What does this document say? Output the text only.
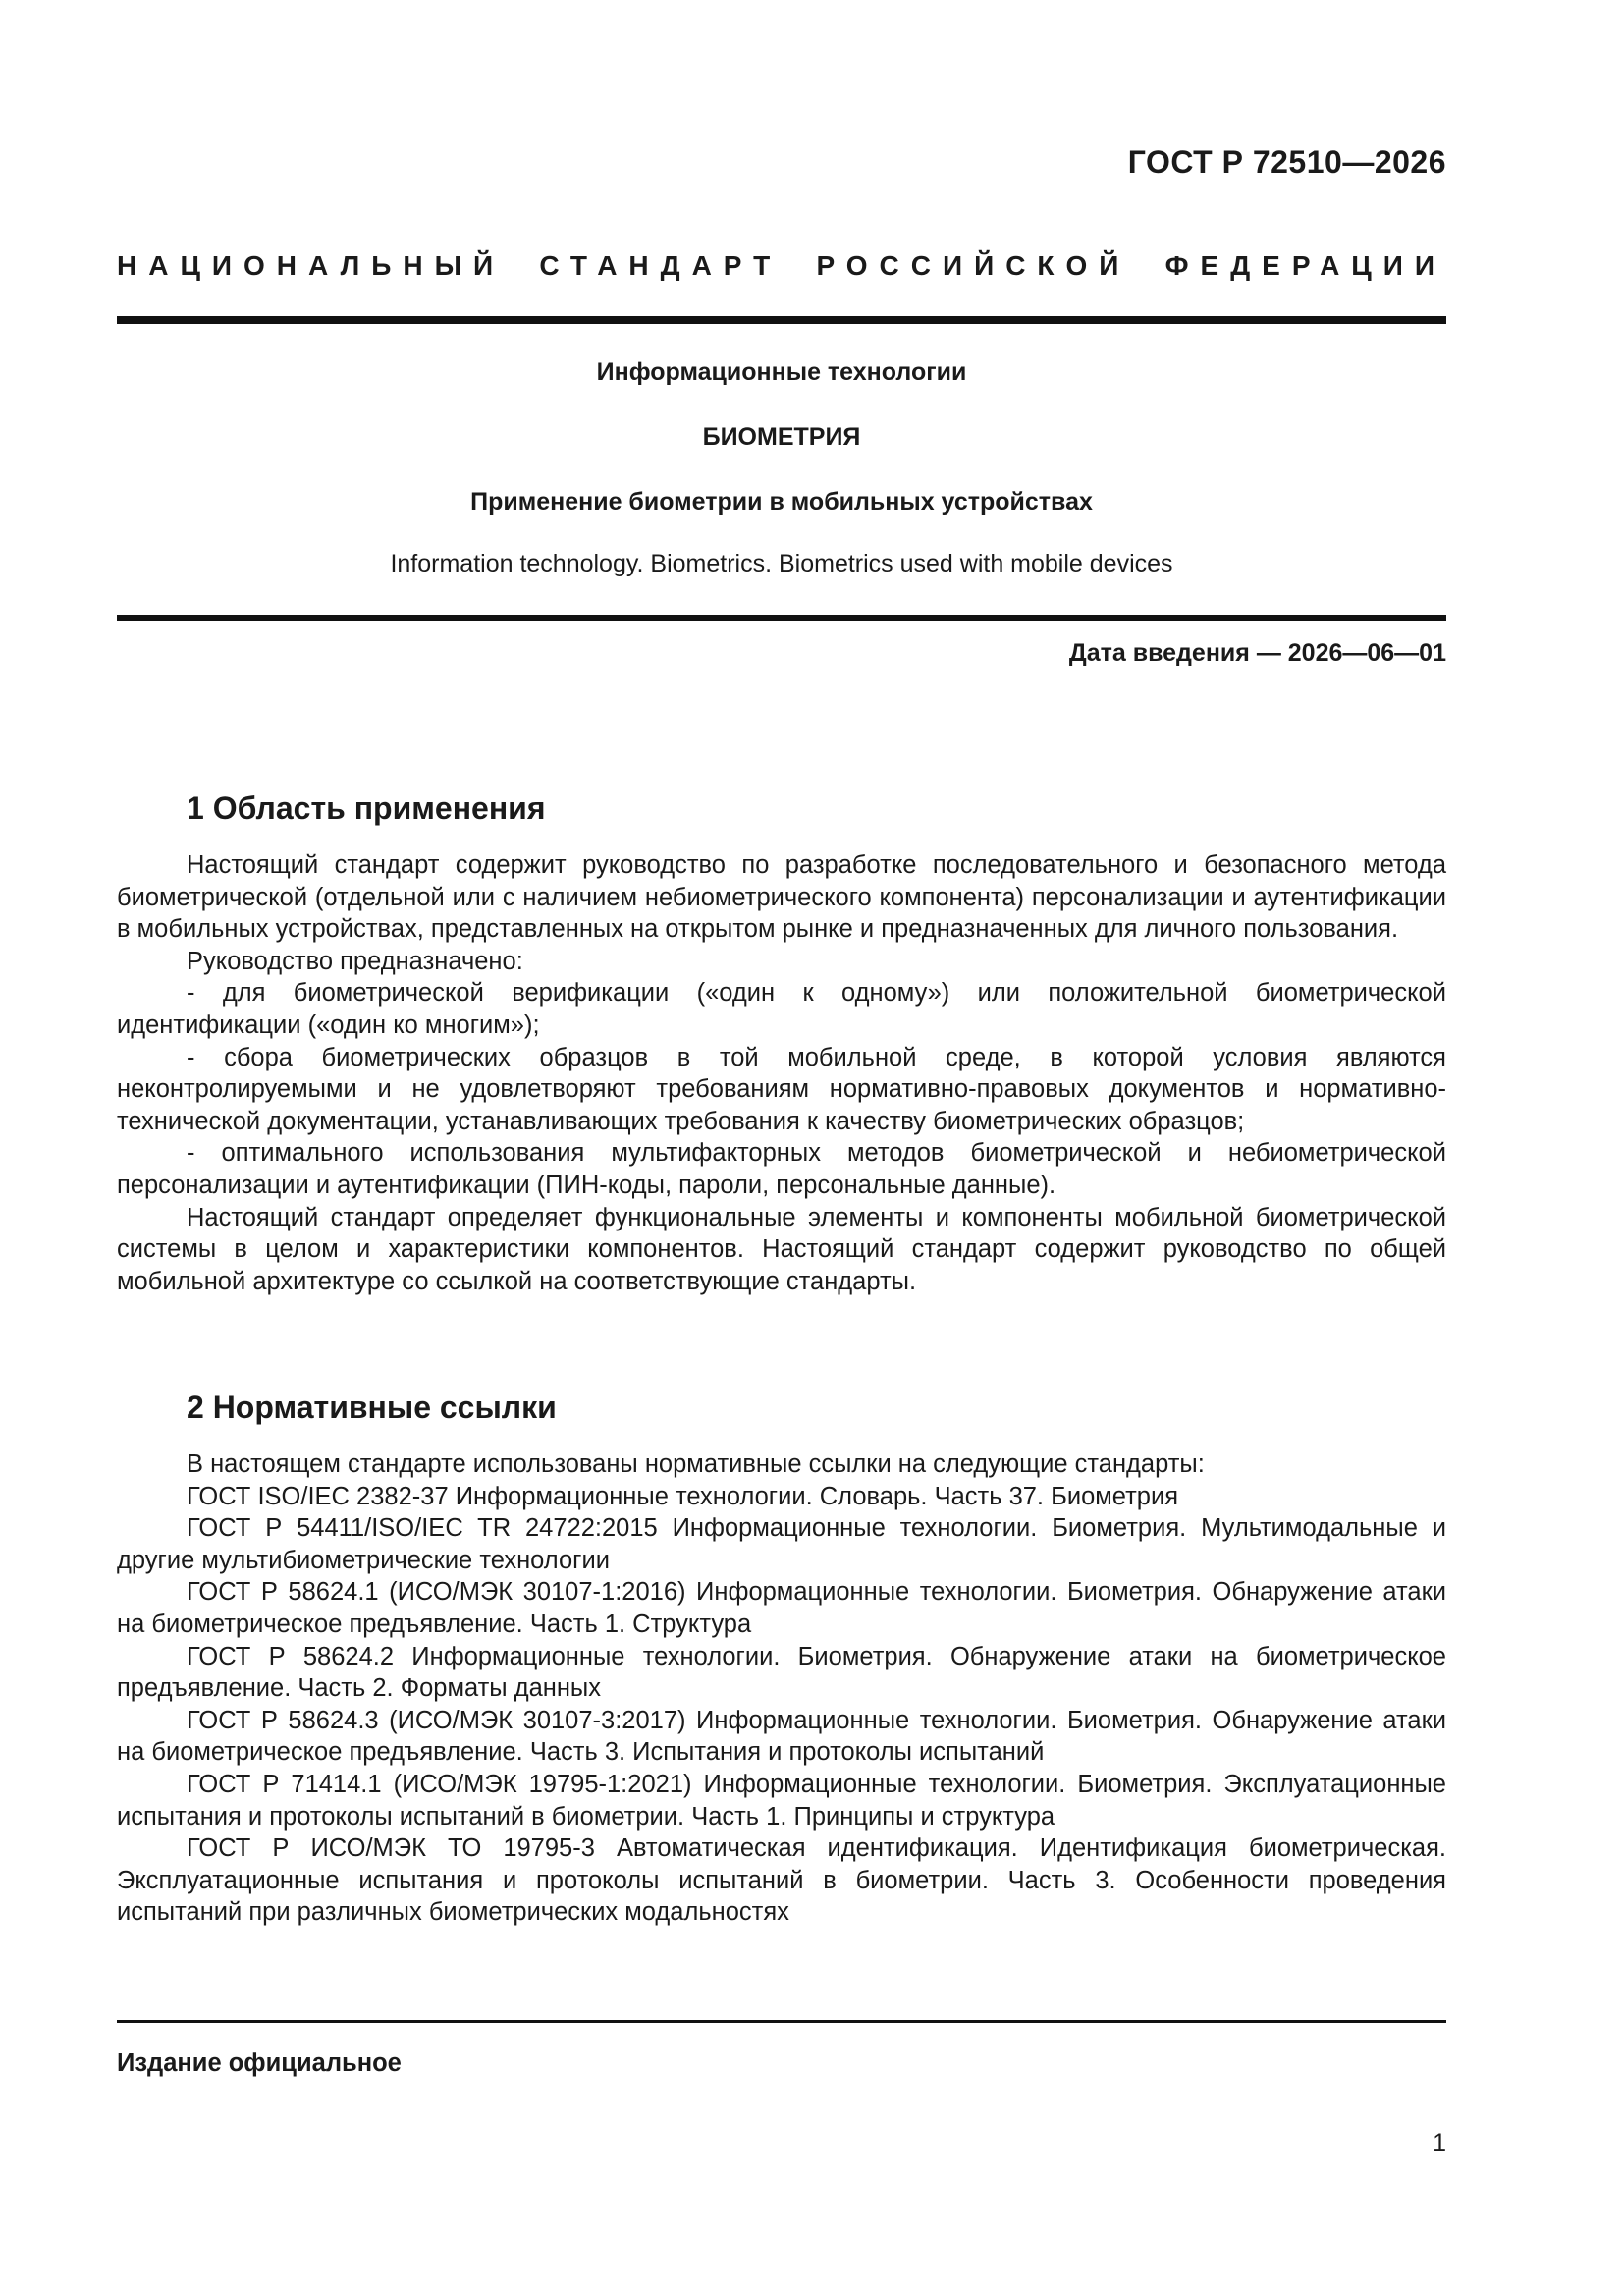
ГОСТ Р 72510—2026
НАЦИОНАЛЬНЫЙ СТАНДАРТ РОССИЙСКОЙ ФЕДЕРАЦИИ
Информационные технологии
БИОМЕТРИЯ
Применение биометрии в мобильных устройствах
Information technology. Biometrics. Biometrics used with mobile devices
Дата введения — 2026—06—01
1 Область применения

Настоящий стандарт содержит руководство по разработке последовательного и безопасного метода биометрической (отдельной или с наличием небиометрического компонента) персонализации и аутентификации в мобильных устройствах, представленных на открытом рынке и предназначенных для личного пользования.

Руководство предназначено:

- для биометрической верификации («один к одному») или положительной биометрической идентификации («один ко многим»);

- сбора биометрических образцов в той мобильной среде, в которой условия являются неконтролируемыми и не удовлетворяют требованиям нормативно-правовых документов и нормативно-технической документации, устанавливающих требования к качеству биометрических образцов;

- оптимального использования мультифакторных методов биометрической и небиометрической персонализации и аутентификации (ПИН-коды, пароли, персональные данные).

Настоящий стандарт определяет функциональные элементы и компоненты мобильной биометрической системы в целом и характеристики компонентов. Настоящий стандарт содержит руководство по общей мобильной архитектуре со ссылкой на соответствующие стандарты.

2 Нормативные ссылки

В настоящем стандарте использованы нормативные ссылки на следующие стандарты:

ГОСТ ISO/IEC 2382-37 Информационные технологии. Словарь. Часть 37. Биометрия

ГОСТ Р 54411/ISO/IEC TR 24722:2015 Информационные технологии. Биометрия. Мультимодальные и другие мультибиометрические технологии

ГОСТ Р 58624.1 (ИСО/МЭК 30107-1:2016) Информационные технологии. Биометрия. Обнаружение атаки на биометрическое предъявление. Часть 1. Структура

ГОСТ Р 58624.2 Информационные технологии. Биометрия. Обнаружение атаки на биометрическое предъявление. Часть 2. Форматы данных

ГОСТ Р 58624.3 (ИСО/МЭК 30107-3:2017) Информационные технологии. Биометрия. Обнаружение атаки на биометрическое предъявление. Часть 3. Испытания и протоколы испытаний

ГОСТ Р 71414.1 (ИСО/МЭК 19795-1:2021) Информационные технологии. Биометрия. Эксплуатационные испытания и протоколы испытаний в биометрии. Часть 1. Принципы и структура

ГОСТ Р ИСО/МЭК ТО 19795-3 Автоматическая идентификация. Идентификация биометрическая. Эксплуатационные испытания и протоколы испытаний в биометрии. Часть 3. Особенности проведения испытаний при различных биометрических модальностях

Издание официальное
1
